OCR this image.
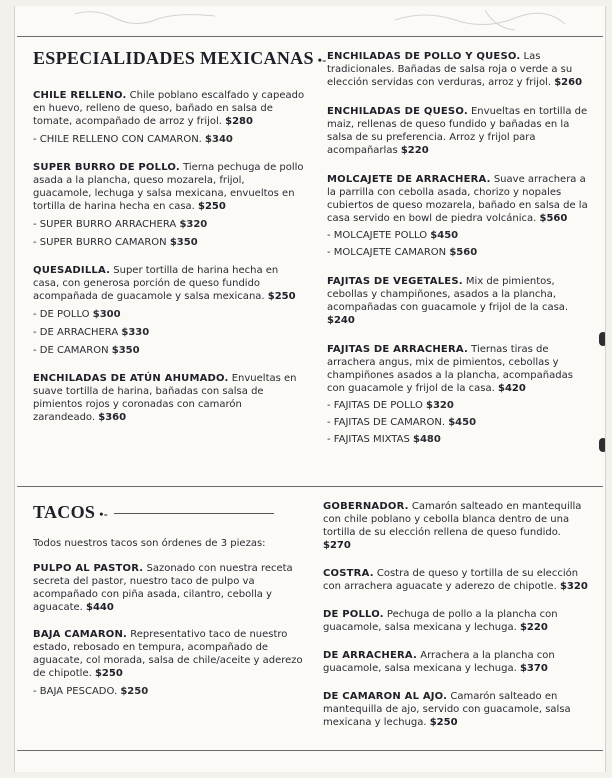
ESPECIALIDADES MEXICANAS •-

CHILE RELLENO. Chile poblano escalfado y capeado en huevo, relleno de queso, bañado en salsa de tomate, acompañado de arroz y frijol. $280

- CHILE RELLENO CON CAMARON. $340

SUPER BURRO DE POLLO. Tierna pechuga de pollo asada a la plancha, queso mozarela, frijol, guacamole, lechuga y salsa mexicana, envueltos en tortilla de harina hecha en casa. $250

- SUPER BURRO ARRACHERA $320

- SUPER BURRO CAMARON $350

QUESADILLA. Super tortilla de harina hecha en casa, con generosa porción de queso fundido acompañada de guacamole y salsa mexicana. $250

- DE POLLO $300

- DE ARRACHERA $330

- DE CAMARON $350

ENCHILADAS DE ATÚN AHUMADO. Envueltas en suave tortilla de harina, bañadas con salsa de pimientos rojos y coronadas con camarón zarandeado. $360

ENCHILADAS DE POLLO Y QUESO. Las tradicionales. Bañadas de salsa roja o verde a su elección servidas con verduras, arroz y frijol. $260

ENCHILADAS DE QUESO. Envueltas en tortilla de maiz, rellenas de queso fundido y bañadas en la salsa de su preferencia. Arroz y frijol para acompañarlas $220

MOLCAJETE DE ARRACHERA. Suave arrachera a la parrilla con cebolla asada, chorizo y nopales cubiertos de queso mozarela, bañado en salsa de la casa servido en bowl de piedra volcánica. $560

- MOLCAJETE POLLO $450

- MOLCAJETE CAMARON $560

FAJITAS DE VEGETALES. Mix de pimientos, cebollas y champiñones, asados a la plancha, acompañadas con guacamole y frijol de la casa. $240

FAJITAS DE ARRACHERA. Tiernas tiras de arrachera angus, mix de pimientos, cebollas y champiñones asados a la plancha, acompañadas con guacamole y frijol de la casa. $420

- FAJITAS DE POLLO $320

- FAJITAS DE CAMARON. $450

- FAJITAS MIXTAS $480

TACOS •-

Todos nuestros tacos son órdenes de 3 piezas:

PULPO AL PASTOR. Sazonado con nuestra receta secreta del pastor, nuestro taco de pulpo va acompañado con piña asada, cilantro, cebolla y aguacate. $440

BAJA CAMARON. Representativo taco de nuestro estado, rebosado en tempura, acompañado de aguacate, col morada, salsa de chile/aceite y aderezo de chipotle. $250

- BAJA PESCADO. $250

GOBERNADOR. Camarón salteado en mantequilla con chile poblano y cebolla blanca dentro de una tortilla de su elección rellena de queso fundido. $270

COSTRA. Costra de queso y tortilla de su elección con arrachera aguacate y aderezo de chipotle. $320

DE POLLO. Pechuga de pollo a la plancha con guacamole, salsa mexicana y lechuga. $220

DE ARRACHERA. Arrachera a la plancha con guacamole, salsa mexicana y lechuga. $370

DE CAMARON AL AJO. Camarón salteado en mantequilla de ajo, servido con guacamole, salsa mexicana y lechuga. $250
